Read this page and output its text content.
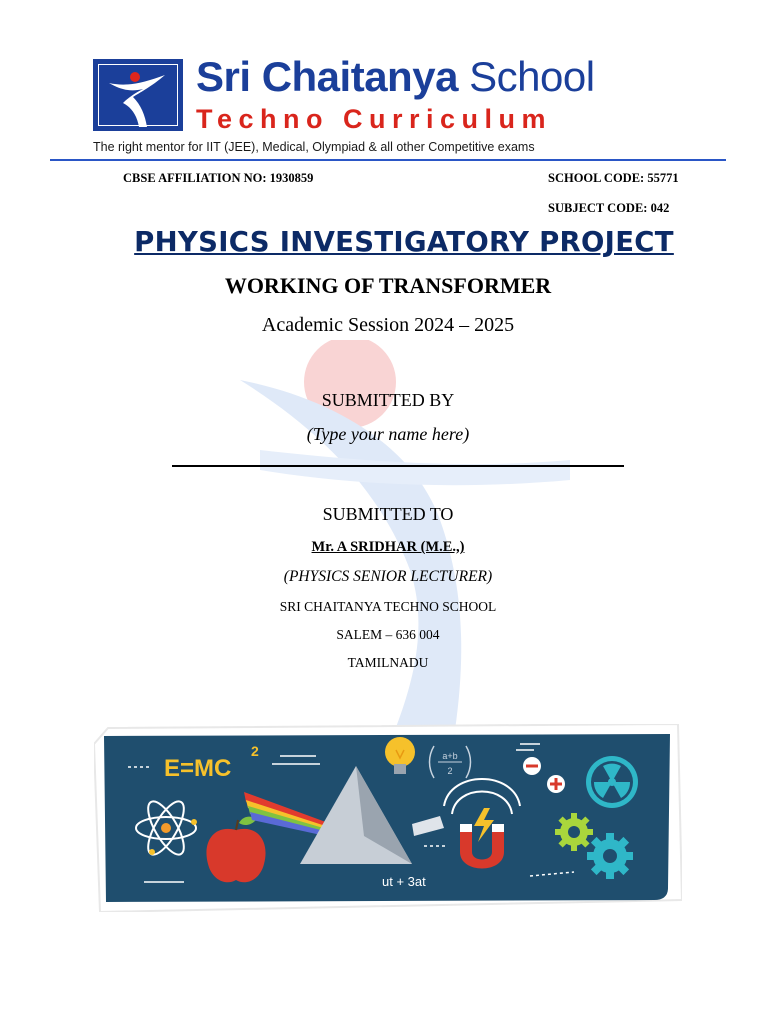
Sri Chaitanya School
Techno Curriculum
The right mentor for IIT (JEE), Medical, Olympiad & all other Competitive exams
CBSE AFFILIATION NO: 1930859	SCHOOL CODE: 55771
SUBJECT CODE: 042
PHYSICS INVESTIGATORY PROJECT
WORKING OF TRANSFORMER
Academic Session 2024 – 2025
SUBMITTED BY
(Type your name here)
SUBMITTED TO
Mr. A SRIDHAR (M.E.,)
(PHYSICS SENIOR LECTURER)
SRI CHAITANYA TECHNO SCHOOL
SALEM – 636 004
TAMILNADU
E=MC
2
ut + 3at
a+b
2
